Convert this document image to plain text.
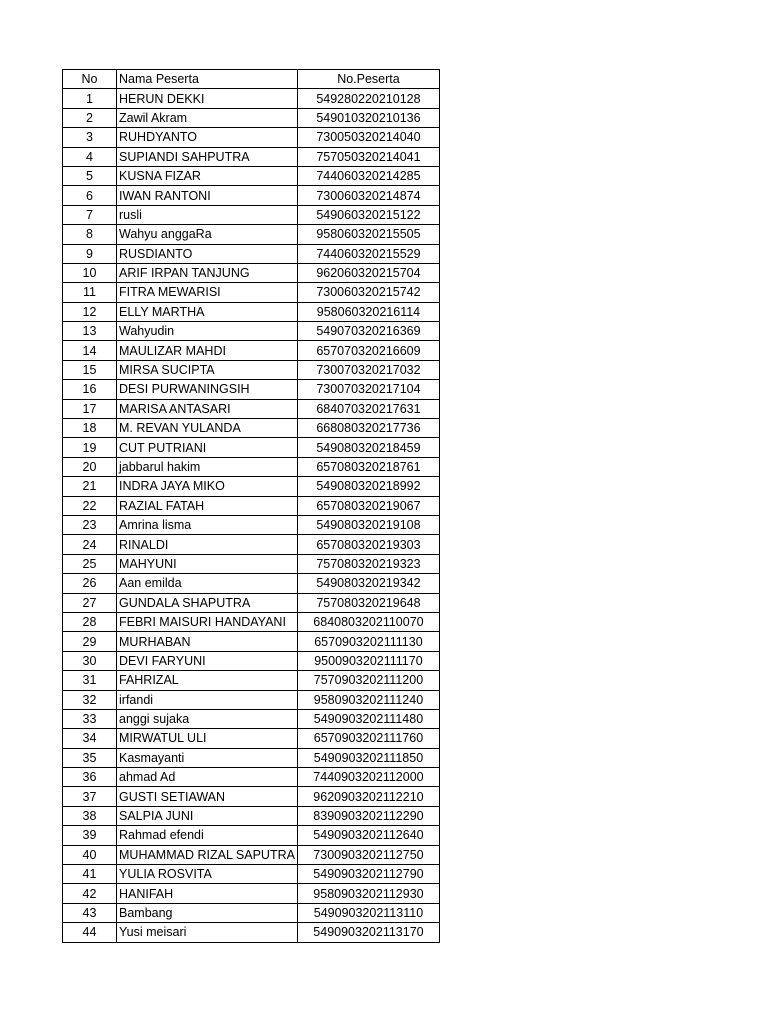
No	Nama Peserta	No.Peserta
1	HERUN DEKKI	549280220210128
2	Zawil Akram	549010320210136
3	RUHDYANTO	730050320214040
4	SUPIANDI SAHPUTRA	757050320214041
5	KUSNA FIZAR	744060320214285
6	IWAN RANTONI	730060320214874
7	rusli	549060320215122
8	Wahyu anggaRa	958060320215505
9	RUSDIANTO	744060320215529
10	ARIF IRPAN TANJUNG	962060320215704
11	FITRA MEWARISI	730060320215742
12	ELLY MARTHA	958060320216114
13	Wahyudin	549070320216369
14	MAULIZAR MAHDI	657070320216609
15	MIRSA SUCIPTA	730070320217032
16	DESI PURWANINGSIH	730070320217104
17	MARISA ANTASARI	684070320217631
18	M. REVAN YULANDA	668080320217736
19	CUT PUTRIANI	549080320218459
20	jabbarul hakim	657080320218761
21	INDRA JAYA MIKO	549080320218992
22	RAZIAL FATAH	657080320219067
23	Amrina lisma	549080320219108
24	RINALDI	657080320219303
25	MAHYUNI	757080320219323
26	Aan emilda	549080320219342
27	GUNDALA SHAPUTRA	757080320219648
28	FEBRI MAISURI HANDAYANI	6840803202110070
29	MURHABAN	6570903202111130
30	DEVI FARYUNI	9500903202111170
31	FAHRIZAL	7570903202111200
32	irfandi	9580903202111240
33	anggi sujaka	5490903202111480
34	MIRWATUL ULI	6570903202111760
35	Kasmayanti	5490903202111850
36	ahmad Ad	7440903202112000
37	GUSTI SETIAWAN	9620903202112210
38	SALPIA JUNI	8390903202112290
39	Rahmad efendi	5490903202112640
40	MUHAMMAD RIZAL SAPUTRA	7300903202112750
41	YULIA ROSVITA	5490903202112790
42	HANIFAH	9580903202112930
43	Bambang	5490903202113110
44	Yusi meisari	5490903202113170
